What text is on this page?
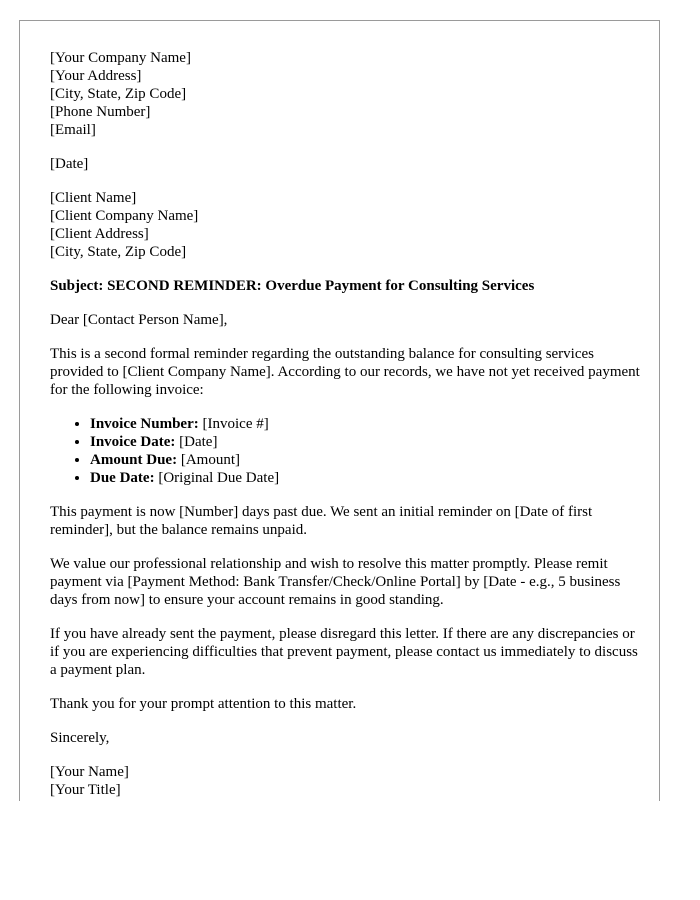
[Your Company Name]
[Your Address]
[City, State, Zip Code]
[Phone Number]
[Email]
[Date]
[Client Name]
[Client Company Name]
[Client Address]
[City, State, Zip Code]

Subject: SECOND REMINDER: Overdue Payment for Consulting Services

Dear [Contact Person Name],

This is a second formal reminder regarding the outstanding balance for consulting services provided to [Client Company Name]. According to our records, we have not yet received payment for the following invoice:

• Invoice Number: [Invoice #]
• Invoice Date: [Date]
• Amount Due: [Amount]
• Due Date: [Original Due Date]

This payment is now [Number] days past due. We sent an initial reminder on [Date of first reminder], but the balance remains unpaid.

We value our professional relationship and wish to resolve this matter promptly. Please remit payment via [Payment Method: Bank Transfer/Check/Online Portal] by [Date - e.g., 5 business days from now] to ensure your account remains in good standing.

If you have already sent the payment, please disregard this letter. If there are any discrepancies or if you are experiencing difficulties that prevent payment, please contact us immediately to discuss a payment plan.

Thank you for your prompt attention to this matter.

Sincerely,

[Your Name]
[Your Title]
